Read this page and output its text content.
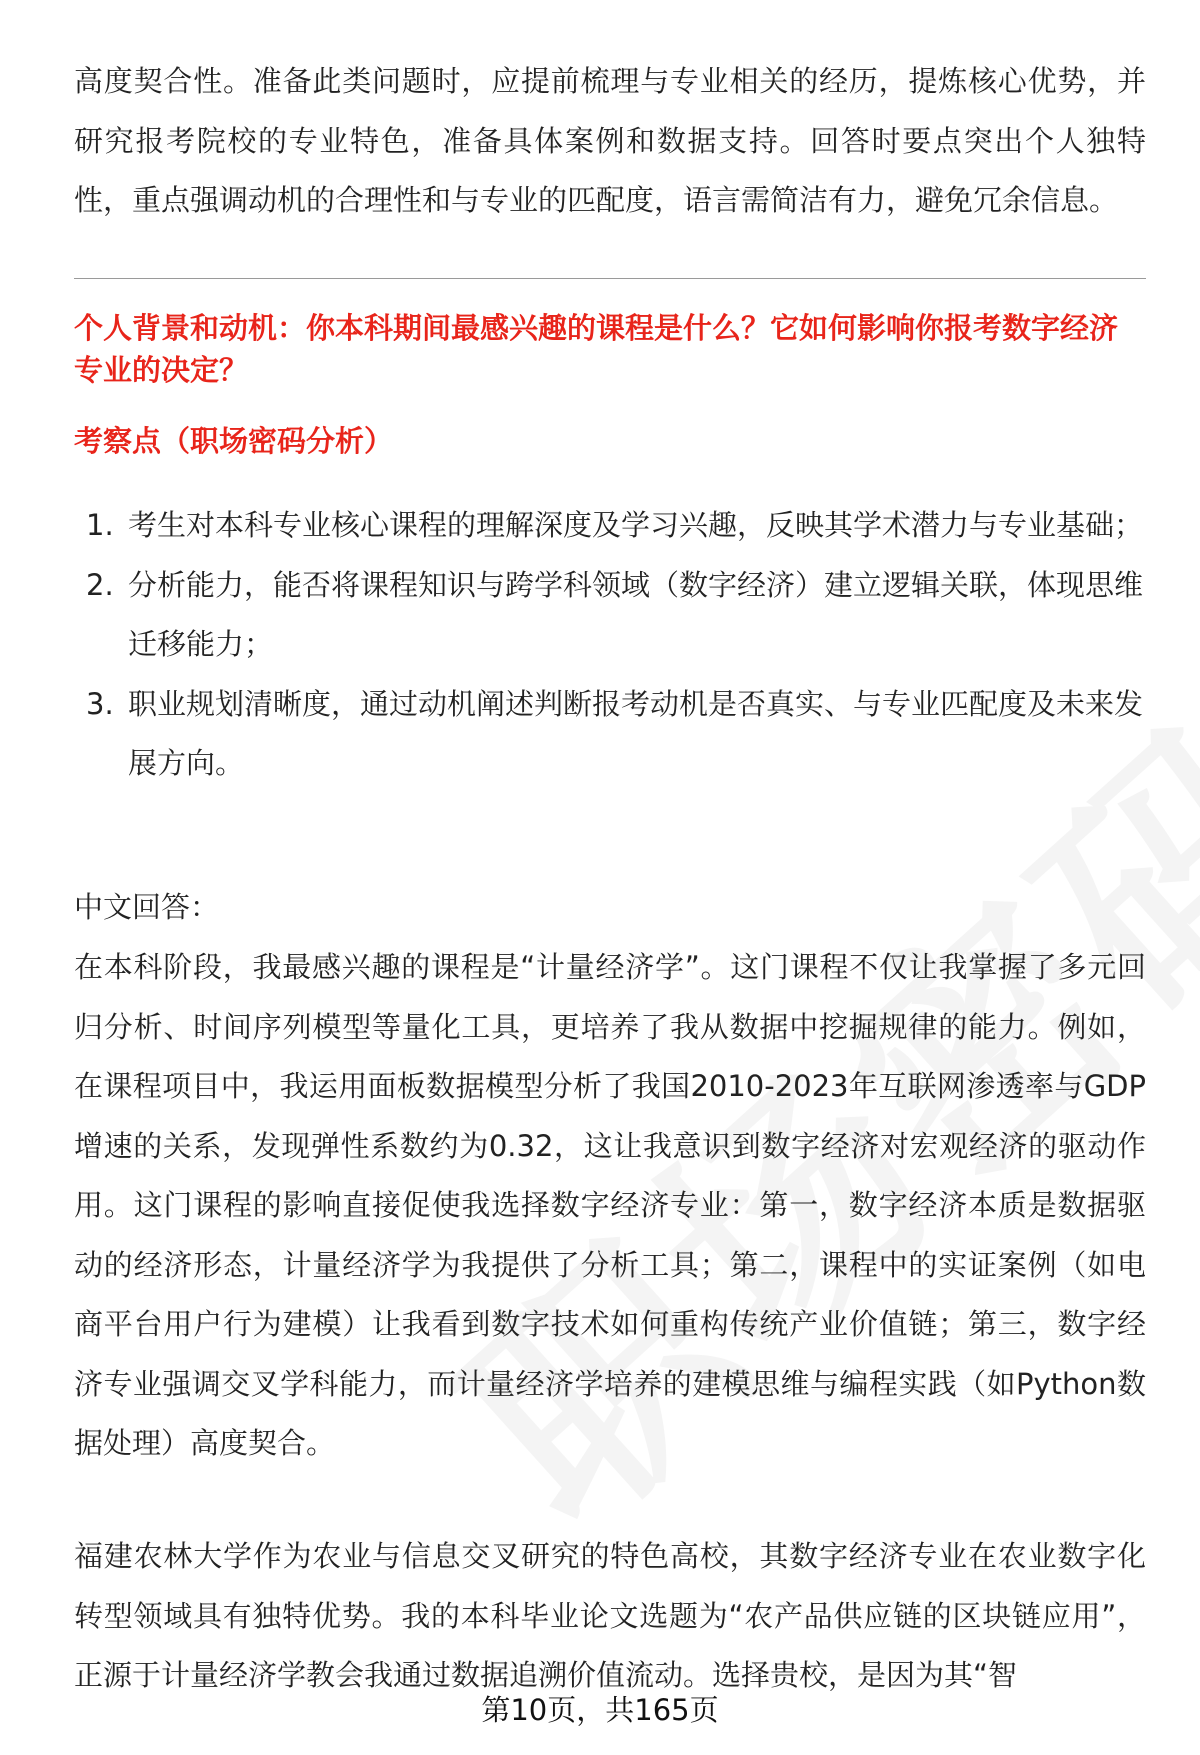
高度契合性。准备此类问题时，应提前梳理与专业相关的经历，提炼核心优势，并研究报考院校的专业特色，准备具体案例和数据支持。回答时要点突出个人独特性，重点强调动机的合理性和与专业的匹配度，语言需简洁有力，避免冗余信息。

个人背景和动机：你本科期间最感兴趣的课程是什么？它如何影响你报考数字经济专业的决定？

考察点（职场密码分析）

1. 考生对本科专业核心课程的理解深度及学习兴趣，反映其学术潜力与专业基础；
2. 分析能力，能否将课程知识与跨学科领域（数字经济）建立逻辑关联，体现思维迁移能力；
3. 职业规划清晰度，通过动机阐述判断报考动机是否真实、与专业匹配度及未来发展方向。

中文回答：

在本科阶段，我最感兴趣的课程是“计量经济学”。这门课程不仅让我掌握了多元回归分析、时间序列模型等量化工具，更培养了我从数据中挖掘规律的能力。例如，在课程项目中，我运用面板数据模型分析了我国2010-2023年互联网渗透率与GDP增速的关系，发现弹性系数约为0.32，这让我意识到数字经济对宏观经济的驱动作用。这门课程的影响直接促使我选择数字经济专业：第一，数字经济本质是数据驱动的经济形态，计量经济学为我提供了分析工具；第二，课程中的实证案例（如电商平台用户行为建模）让我看到数字技术如何重构传统产业价值链；第三，数字经济专业强调交叉学科能力，而计量经济学培养的建模思维与编程实践（如Python数据处理）高度契合。

福建农林大学作为农业与信息交叉研究的特色高校，其数字经济专业在农业数字化转型领域具有独特优势。我的本科毕业论文选题为“农产品供应链的区块链应用”，正源于计量经济学教会我通过数据追溯价值流动。选择贵校，是因为其“智

第10页，共165页
